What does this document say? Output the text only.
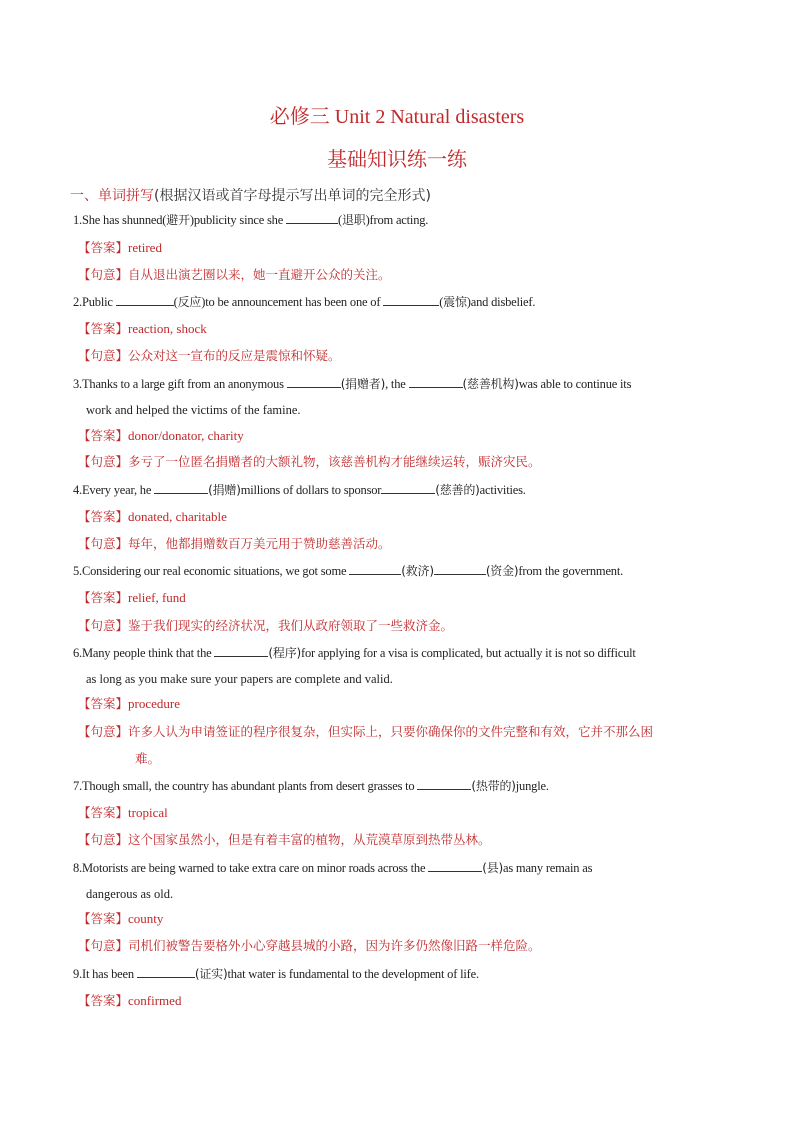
必修三 Unit 2 Natural disasters
基础知识练一练
一、单词拼写(根据汉语或首字母提示写出单词的完全形式)
1.She has shunned(避开)publicity since she	(退职)from acting.
【答案】retired
【句意】自从退出演艺圈以来，她一直避开公众的关注。
2.Public	(反应)to be announcement has been one of	(震惊)and disbelief.
【答案】reaction, shock
【句意】公众对这一宣布的反应是震惊和怀疑。
3.Thanks to a large gift from an anonymous	(捐赠者), the	(慈善机构)was able to continue its
work and helped the victims of the famine.
【答案】donor/donator, charity
【句意】多亏了一位匿名捐赠者的大额礼物，该慈善机构才能继续运转，赈济灾民。
4.Every year, he	(捐赠)millions of dollars to sponsor	(慈善的)activities.
【答案】donated, charitable
【句意】每年，他都捐赠数百万美元用于赞助慈善活动。
5.Considering our real economic situations, we got some	(救济)	(资金)from the government.
【答案】relief, fund
【句意】鉴于我们现实的经济状况，我们从政府领取了一些救济金。
6.Many people think that the	(程序)for applying for a visa is complicated, but actually it is not so difficult
as long as you make sure your papers are complete and valid.
【答案】procedure
【句意】许多人认为申请签证的程序很复杂，但实际上，只要你确保你的文件完整和有效，它并不那么困
难。
7.Though small, the country has abundant plants from desert grasses to	(热带的)jungle.
【答案】tropical
【句意】这个国家虽然小，但是有着丰富的植物，从荒漠草原到热带丛林。
8.Motorists are being warned to take extra care on minor roads across the	(县)as many remain as
dangerous as old.
【答案】county
【句意】司机们被警告要格外小心穿越县城的小路，因为许多仍然像旧路一样危险。
9.It has been	(证实)that water is fundamental to the development of life.
【答案】confirmed
